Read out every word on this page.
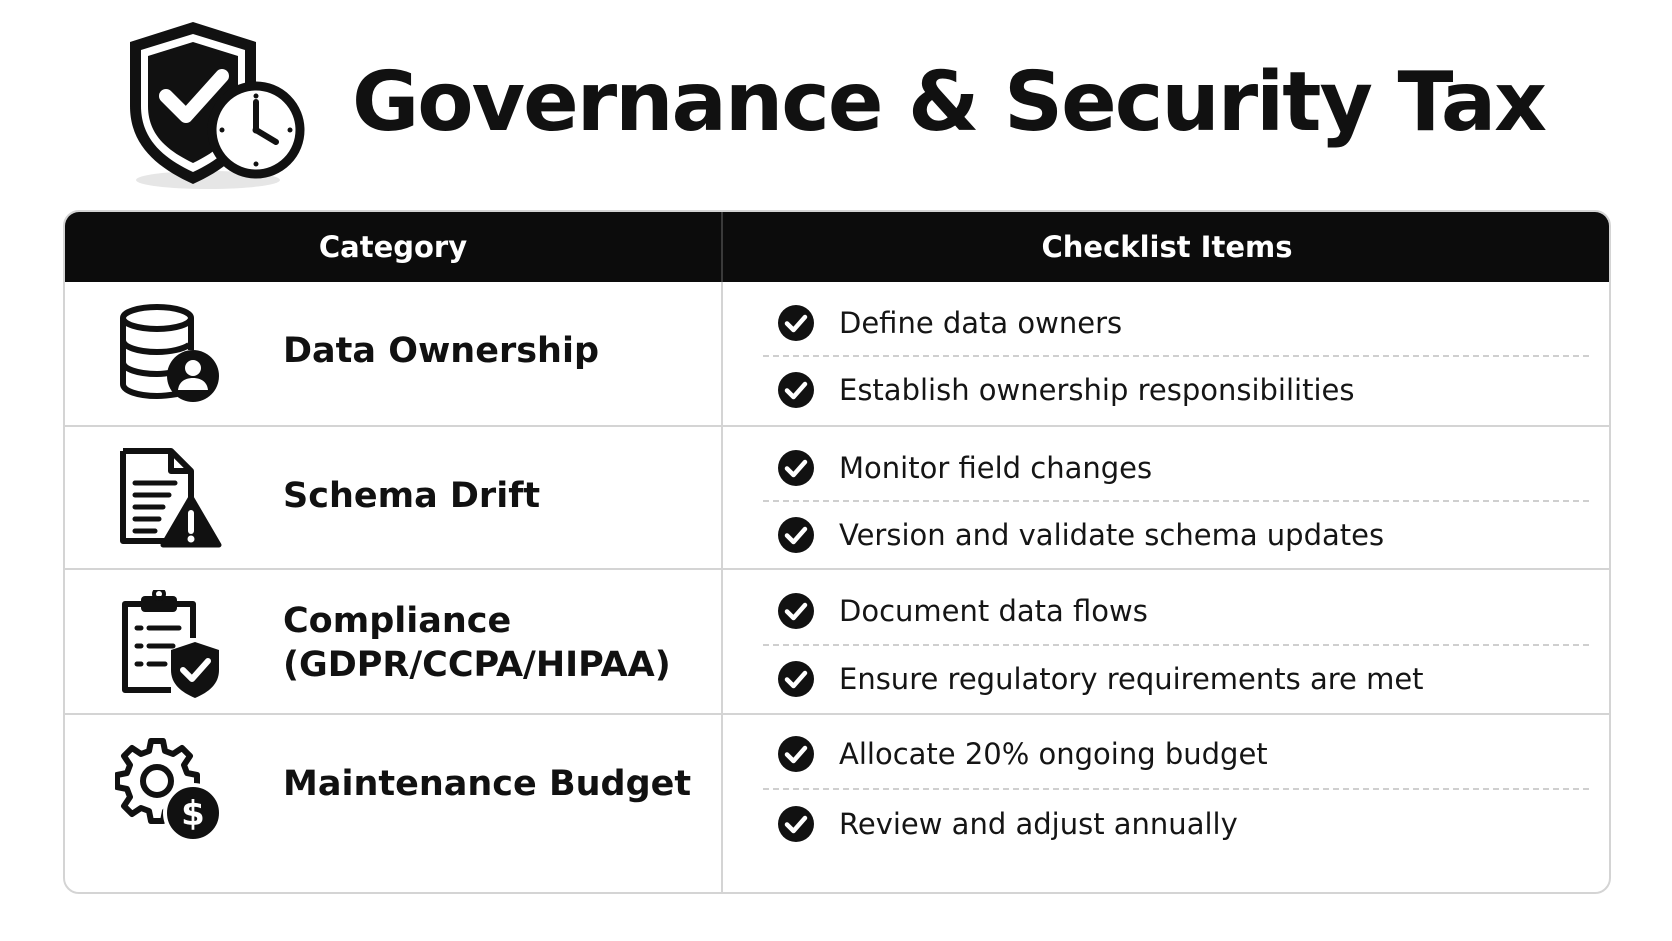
Governance & Security Tax
Category	Checklist Items
Data Ownership
Define data owners
Establish ownership responsibilities
Schema Drift
Monitor field changes
Version and validate schema updates
Compliance
(GDPR/CCPA/HIPAA)
Document data flows
Ensure regulatory requirements are met
$
Maintenance Budget
Allocate 20% ongoing budget
Review and adjust annually
